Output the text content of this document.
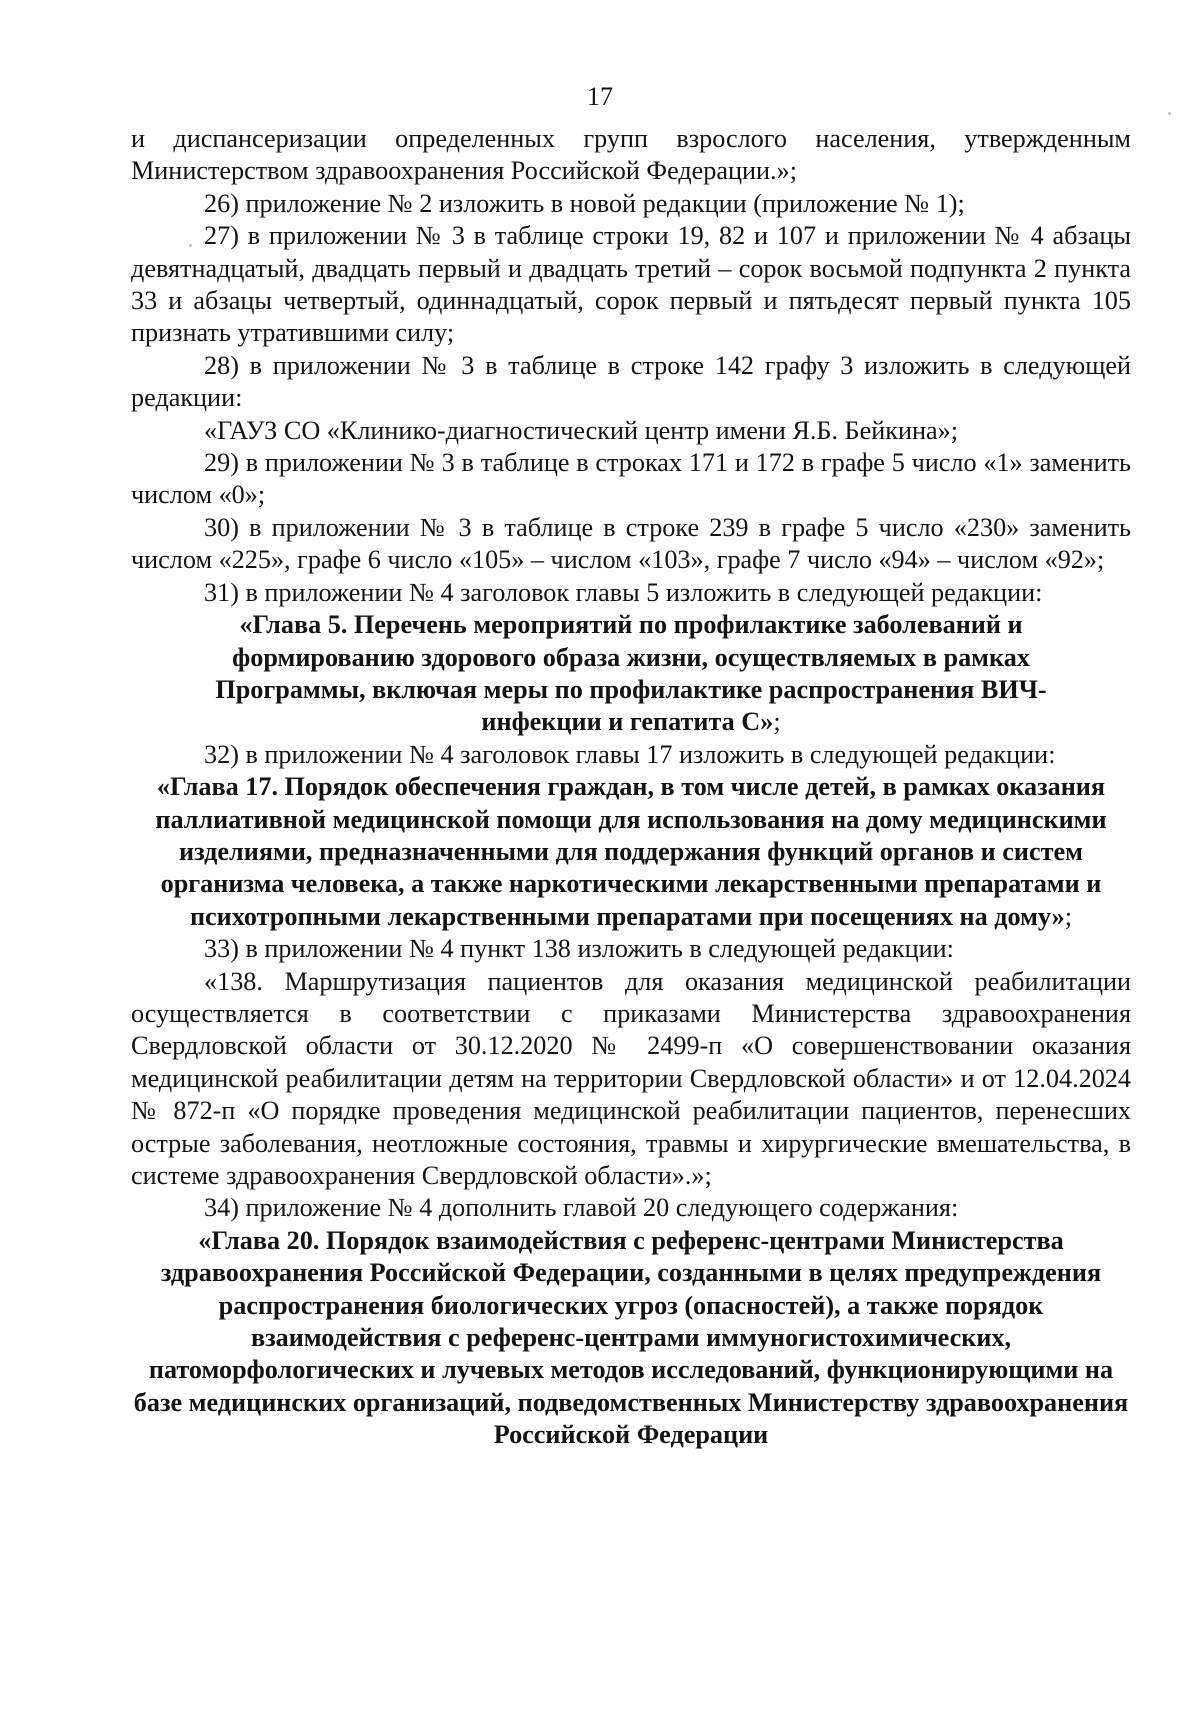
17

и диспансеризации определенных групп взрослого населения, утвержденным Министерством здравоохранения Российской Федерации.»;

26) приложение № 2 изложить в новой редакции (приложение № 1);

27) в приложении № 3 в таблице строки 19, 82 и 107 и приложении № 4 абзацы девятнадцатый, двадцать первый и двадцать третий – сорок восьмой подпункта 2 пункта 33 и абзацы четвертый, одиннадцатый, сорок первый и пятьдесят первый пункта 105 признать утратившими силу;

28) в приложении № 3 в таблице в строке 142 графу 3 изложить в следующей редакции:

«ГАУЗ СО «Клинико-диагностический центр имени Я.Б. Бейкина»;

29) в приложении № 3 в таблице в строках 171 и 172 в графе 5 число «1» заменить числом «0»;

30) в приложении № 3 в таблице в строке 239 в графе 5 число «230» заменить числом «225», графе 6 число «105» – числом «103», графе 7 число «94» – числом «92»;

31) в приложении № 4 заголовок главы 5 изложить в следующей редакции:

«Глава 5. Перечень мероприятий по профилактике заболеваний и формированию здорового образа жизни, осуществляемых в рамках Программы, включая меры по профилактике распространения ВИЧ-инфекции и гепатита С»;

32) в приложении № 4 заголовок главы 17 изложить в следующей редакции:

«Глава 17. Порядок обеспечения граждан, в том числе детей, в рамках оказания паллиативной медицинской помощи для использования на дому медицинскими изделиями, предназначенными для поддержания функций органов и систем организма человека, а также наркотическими лекарственными препаратами и психотропными лекарственными препаратами при посещениях на дому»;

33) в приложении № 4 пункт 138 изложить в следующей редакции:

«138. Маршрутизация пациентов для оказания медицинской реабилитации осуществляется в соответствии с приказами Министерства здравоохранения Свердловской области от 30.12.2020 № 2499-п «О совершенствовании оказания медицинской реабилитации детям на территории Свердловской области» и от 12.04.2024 № 872-п «О порядке проведения медицинской реабилитации пациентов, перенесших острые заболевания, неотложные состояния, травмы и хирургические вмешательства, в системе здравоохранения Свердловской области».»;

34) приложение № 4 дополнить главой 20 следующего содержания:

«Глава 20. Порядок взаимодействия с референс-центрами Министерства здравоохранения Российской Федерации, созданными в целях предупреждения распространения биологических угроз (опасностей), а также порядок взаимодействия с референс-центрами иммуногистохимических, патоморфологических и лучевых методов исследований, функционирующими на базе медицинских организаций, подведомственных Министерству здравоохранения Российской Федерации
